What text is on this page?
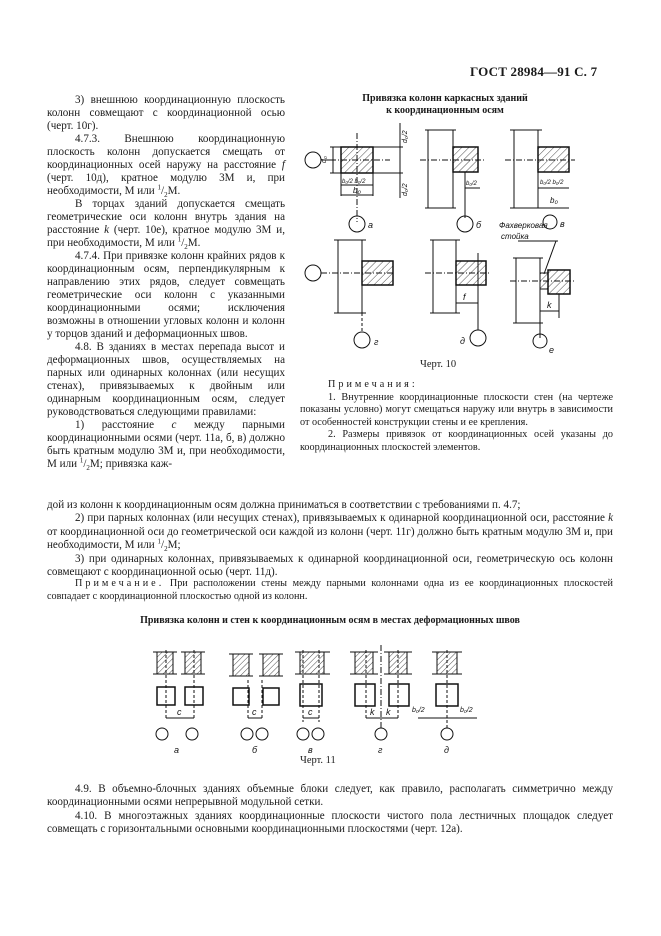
ГОСТ 28984—91 С. 7

3) внешнюю координационную плоскость колонн совмещают с координационной осью (черт. 10г).

4.7.3. Внешнюю координационную плоскость колонн допускается смещать от координационных осей наружу на расстояние f (черт. 10д), кратное модулю 3М и, при необходимости, М или $^1/_2М$.

В торцах зданий допускается смещать геометрические оси колонн внутрь здания на расстояние k (черт. 10е), кратное модулю 3М и, при необходимости, М или $^1/_2М$.

4.7.4. При привязке колонн крайних рядов к координационным осям, перпендикулярным к направлению этих рядов, следует совмещать геометрические оси колонн с указанными координационными осями; исключения возможны в отношении угловых колонн и колонн у торцов зданий и деформационных швов.

4.8. В зданиях в местах перепада высот и деформационных швов, осуществляемых на парных или одинарных колоннах (или несущих стенах), привязываемых к двойным или одинарным координационным осям, следует руководствоваться следующими правилами:

1) расстояние c между парными координационными осями (черт. 11а, б, в) должно быть кратным модулю 3М и, при необходимости, М или $^1/_2М$; привязка каж-

Привязка колонн каркасных зданий
к координационным осям
а
b₀
b₀/2 b₀/2
d₀
d₀/2
d₀/2
б
b₀/2
в
b₀/2 b₀/2
b₀
г	д
f
е
k
Фахверковая
стойка
Черт. 10

Примечания:

1. Внутренние координационные плоскости стен (на чертеже показаны условно) могут смещаться наружу или внутрь в зависимости от особенностей конструкции стены и ее крепления.

2. Размеры привязок от координационных осей указаны до координационных плоскостей элементов.

дой из колонн к координационным осям должна приниматься в соответствии с требованиями п. 4.7;

2) при парных колоннах (или несущих стенах), привязываемых к одинарной координационной оси, расстояние k от координационной оси до геометрической оси каждой из колонн (черт. 11г) должно быть кратным модулю 3М и, при необходимости, М или $^1/_2М$;

3) при одинарных колоннах, привязываемых к одинарной координационной оси, геометрическую ось колонн совмещают с координационной осью (черт. 11д).

Примечание. При расположении стены между парными колоннами одна из ее координационных плоскостей совпадает с координационной плоскостью одной из колонн.

Привязка колонн и стен к координационным осям в местах деформационных швов
c
а
c
б
c
в
k k
г
b₀/2	b₀/2
д
Черт. 11

4.9. В объемно-блочных зданиях объемные блоки следует, как правило, располагать симметрично между координационными осями непрерывной модульной сетки.

4.10. В многоэтажных зданиях координационные плоскости чистого пола лестничных площадок следует совмещать с горизонтальными основными координационными плоскостями (черт. 12а).
